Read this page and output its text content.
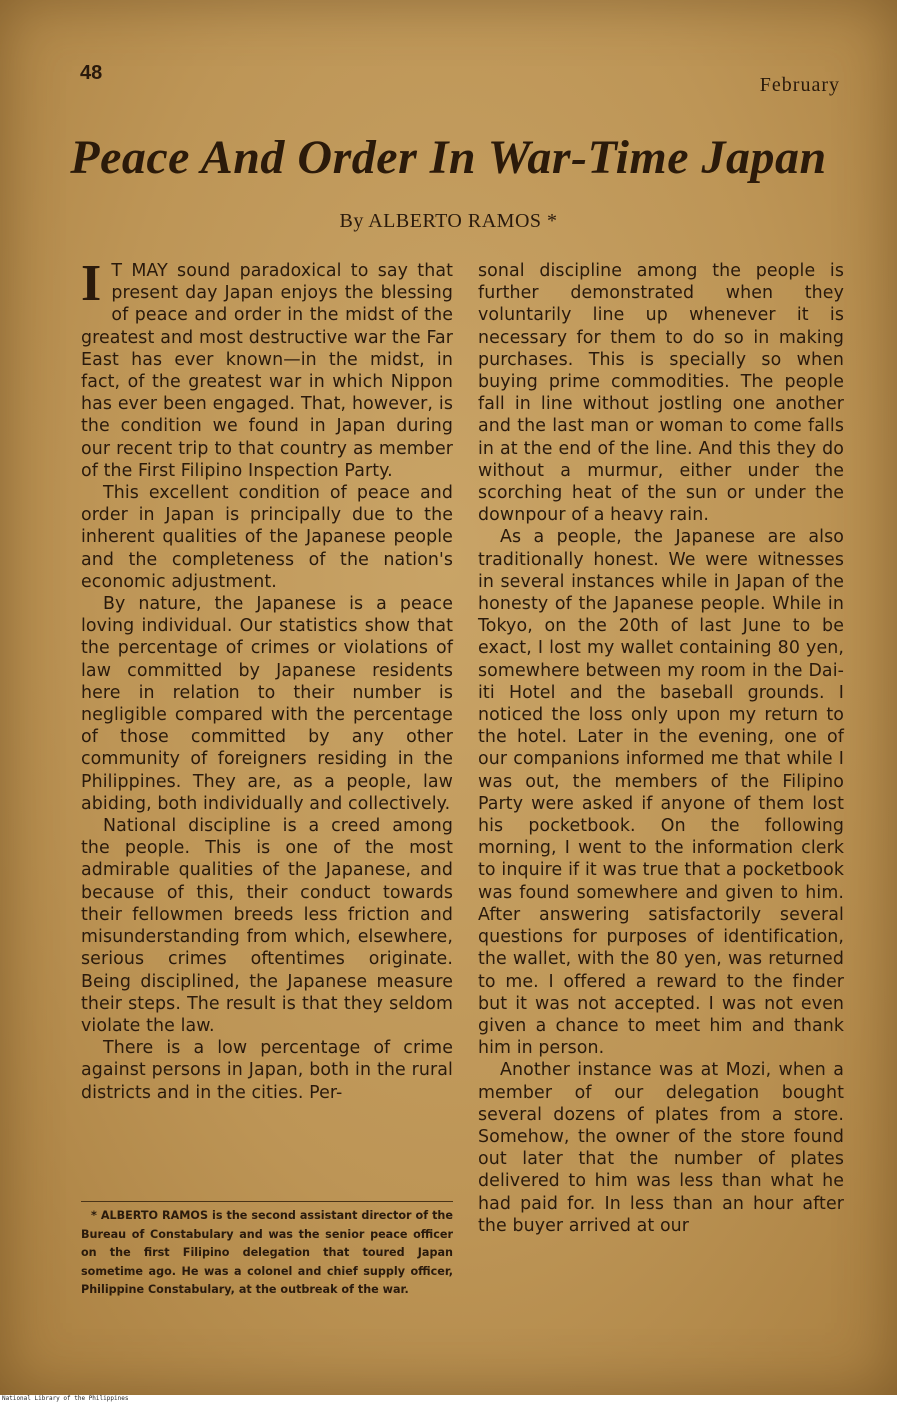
48
February
Peace And Order In War-Time Japan
By ALBERTO RAMOS *

I T MAY sound paradoxical to say that present day Japan enjoys the blessing of peace and order in the midst of the greatest and most destructive war the Far East has ever known—in the midst, in fact, of the greatest war in which Nippon has ever been engaged. That, however, is the condition we found in Japan during our recent trip to that country as member of the First Filipino Inspection Party.

This excellent condition of peace and order in Japan is principally due to the inherent qualities of the Japanese people and the completeness of the nation's economic adjustment.

By nature, the Japanese is a peace loving individual. Our statistics show that the percentage of crimes or violations of law committed by Japanese residents here in relation to their number is negligible compared with the percentage of those committed by any other community of foreigners residing in the Philippines. They are, as a people, law abiding, both individually and collectively.

National discipline is a creed among the people. This is one of the most admirable qualities of the Japanese, and because of this, their conduct towards their fellowmen breeds less friction and misunderstanding from which, elsewhere, serious crimes oftentimes originate. Being disciplined, the Japanese measure their steps. The result is that they seldom violate the law.

There is a low percentage of crime against persons in Japan, both in the rural districts and in the cities. Per-

* ALBERTO RAMOS is the second assistant director of the Bureau of Constabulary and was the senior peace officer on the first Filipino delegation that toured Japan sometime ago. He was a colonel and chief supply officer, Philippine Constabulary, at the outbreak of the war.

sonal discipline among the people is further demonstrated when they voluntarily line up whenever it is necessary for them to do so in making purchases. This is specially so when buying prime commodities. The people fall in line without jostling one another and the last man or woman to come falls in at the end of the line. And this they do without a murmur, either under the scorching heat of the sun or under the downpour of a heavy rain.

As a people, the Japanese are also traditionally honest. We were witnesses in several instances while in Japan of the honesty of the Japanese people. While in Tokyo, on the 20th of last June to be exact, I lost my wallet containing 80 yen, somewhere between my room in the Dai-iti Hotel and the baseball grounds. I noticed the loss only upon my return to the hotel. Later in the evening, one of our companions informed me that while I was out, the members of the Filipino Party were asked if anyone of them lost his pocketbook. On the following morning, I went to the information clerk to inquire if it was true that a pocketbook was found somewhere and given to him. After answering satisfactorily several questions for purposes of identification, the wallet, with the 80 yen, was returned to me. I offered a reward to the finder but it was not accepted. I was not even given a chance to meet him and thank him in person.

Another instance was at Mozi, when a member of our delegation bought several dozens of plates from a store. Somehow, the owner of the store found out later that the number of plates delivered to him was less than what he had paid for. In less than an hour after the buyer arrived at our

National Library of the Philippines
